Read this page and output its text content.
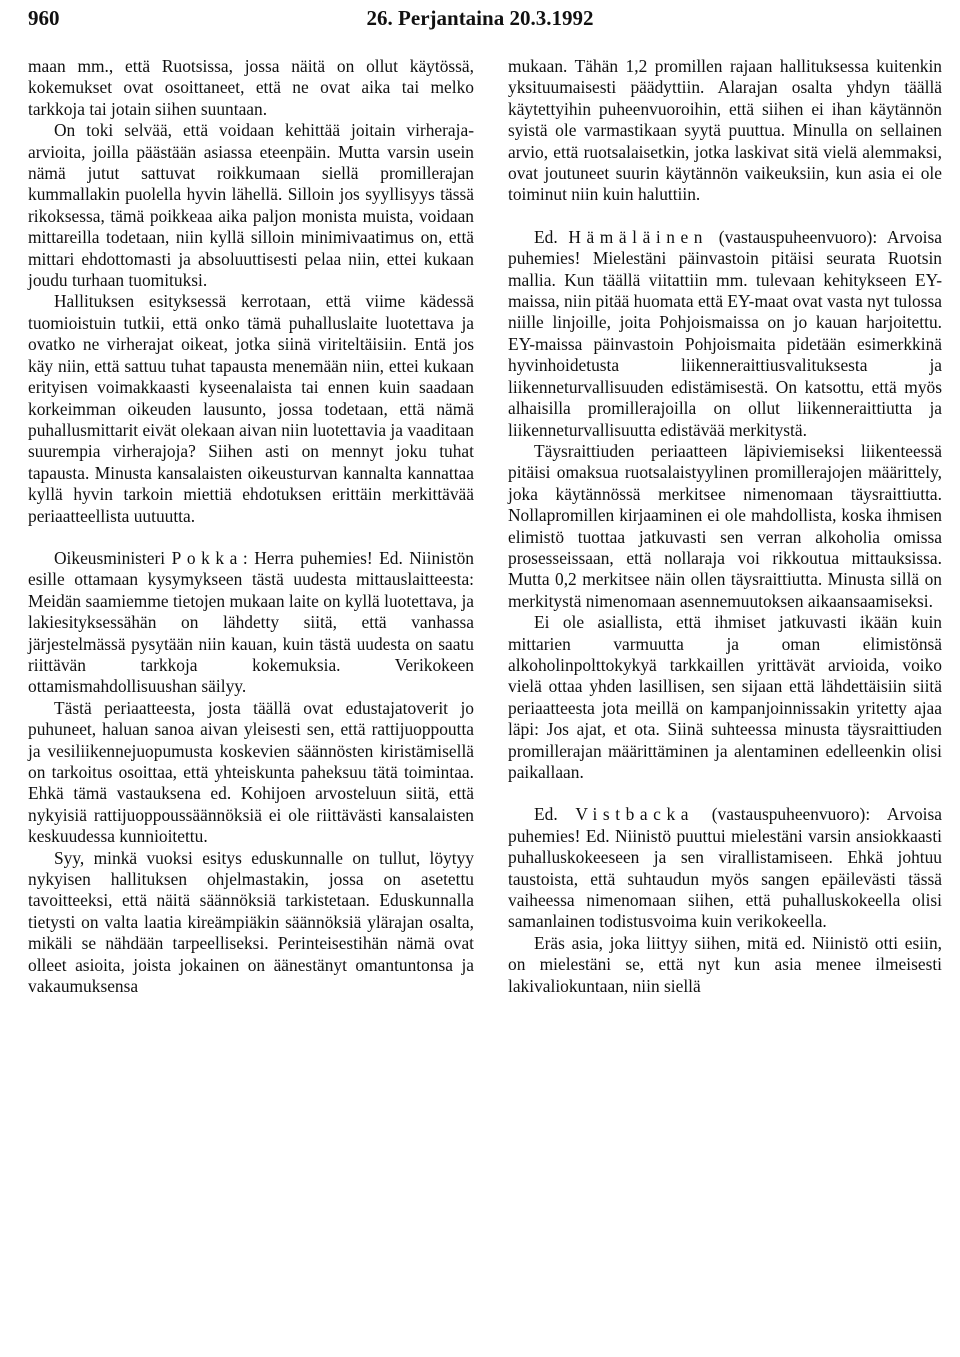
960	26. Perjantaina 20.3.1992

maan mm., että Ruotsissa, jossa näitä on ollut käytössä, kokemukset ovat osoittaneet, että ne ovat aika tai melko tarkkoja tai jotain siihen suuntaan.

On toki selvää, että voidaan kehittää joitain virheraja-arvioita, joilla päästään asiassa eteenpäin. Mutta varsin usein nämä jutut sattuvat roikkumaan siellä promillerajan kummallakin puolella hyvin lähellä. Silloin jos syyllisyys tässä rikoksessa, tämä poikkeaa aika paljon monista muista, voidaan mittareilla todetaan, niin kyllä silloin minimivaatimus on, että mittari ehdottomasti ja absoluuttisesti pelaa niin, ettei kukaan joudu turhaan tuomituksi.

Hallituksen esityksessä kerrotaan, että viime kädessä tuomioistuin tutkii, että onko tämä puhalluslaite luotettava ja ovatko ne virherajat oikeat, jotka siinä viriteltäisiin. Entä jos käy niin, että sattuu tuhat tapausta menemään niin, ettei kukaan erityisen voimakkaasti kyseenalaista tai ennen kuin saadaan korkeimman oikeuden lausunto, jossa todetaan, että nämä puhallusmittarit eivät olekaan aivan niin luotettavia ja vaaditaan suurempia virherajoja? Siihen asti on mennyt joku tuhat tapausta. Minusta kansalaisten oikeusturvan kannalta kannattaa kyllä hyvin tarkoin miettiä ehdotuksen erittäin merkittävää periaatteellista uutuutta.

Oikeusministeri Pokka: Herra puhemies! Ed. Niinistön esille ottamaan kysymykseen tästä uudesta mittauslaitteesta: Meidän saamiemme tietojen mukaan laite on kyllä luotettava, ja lakiesityksessähän on lähdetty siitä, että vanhassa järjestelmässä pysytään niin kauan, kuin tästä uudesta on saatu riittävän tarkkoja kokemuksia. Verikokeen ottamismahdollisuushan säilyy.

Tästä periaatteesta, josta täällä ovat edustajatoverit jo puhuneet, haluan sanoa aivan yleisesti sen, että rattijuoppoutta ja vesiliikennejuopumusta koskevien säännösten kiristämisellä on tarkoitus osoittaa, että yhteiskunta paheksuu tätä toimintaa. Ehkä tämä vastauksena ed. Kohijoen arvosteluun siitä, että nykyisiä rattijuoppoussäännöksiä ei ole riittävästi kansalaisten keskuudessa kunnioitettu.

Syy, minkä vuoksi esitys eduskunnalle on tullut, löytyy nykyisen hallituksen ohjelmastakin, jossa on asetettu tavoitteeksi, että näitä säännöksiä tarkistetaan. Eduskunnalla tietysti on valta laatia kireämpiäkin säännöksiä ylärajan osalta, mikäli se nähdään tarpeelliseksi. Perinteisestihän nämä ovat olleet asioita, joista jokainen on äänestänyt omantuntonsa ja vakaumuksensa

mukaan. Tähän 1,2 promillen rajaan hallituksessa kuitenkin yksituumaisesti päädyttiin. Alarajan osalta yhdyn täällä käytettyihin puheenvuoroihin, että siihen ei ihan käytännön syistä ole varmastikaan syytä puuttua. Minulla on sellainen arvio, että ruotsalaisetkin, jotka laskivat sitä vielä alemmaksi, ovat joutuneet suurin käytännön vaikeuksiin, kun asia ei ole toiminut niin kuin haluttiin.

Ed. Hämäläinen (vastauspuheenvuoro): Arvoisa puhemies! Mielestäni päinvastoin pitäisi seurata Ruotsin mallia. Kun täällä viitattiin mm. tulevaan kehitykseen EY-maissa, niin pitää huomata että EY-maat ovat vasta nyt tulossa niille linjoille, joita Pohjoismaissa on jo kauan harjoitettu. EY-maissa päinvastoin Pohjoismaita pidetään esimerkkinä hyvinhoidetusta liikenneraittiusvalituksesta ja liikenneturvallisuuden edistämisestä. On katsottu, että myös alhaisilla promillerajoilla on ollut liikenneraittiutta ja liikenneturvallisuutta edistävää merkitystä.

Täysraittiuden periaatteen läpiviemiseksi liikenteessä pitäisi omaksua ruotsalaistyylinen promillerajojen määrittely, joka käytännössä merkitsee nimenomaan täysraittiutta. Nollapromillen kirjaaminen ei ole mahdollista, koska ihmisen elimistö tuottaa jatkuvasti sen verran alkoholia omissa prosesseissaan, että nollaraja voi rikkoutua mittauksissa. Mutta 0,2 merkitsee näin ollen täysraittiutta. Minusta sillä on merkitystä nimenomaan asennemuutoksen aikaansaamiseksi.

Ei ole asiallista, että ihmiset jatkuvasti ikään kuin mittarien varmuutta ja oman elimistönsä alkoholinpolttokykyä tarkkaillen yrittävät arvioida, voiko vielä ottaa yhden lasillisen, sen sijaan että lähdettäisiin siitä periaatteesta jota meillä on kampanjoinnissakin yritetty ajaa läpi: Jos ajat, et ota. Siinä suhteessa minusta täysraittiuden promillerajan määrittäminen ja alentaminen edelleenkin olisi paikallaan.

Ed. Vistbacka (vastauspuheenvuoro): Arvoisa puhemies! Ed. Niinistö puuttui mielestäni varsin ansiokkaasti puhalluskokeeseen ja sen virallistamiseen. Ehkä johtuu taustoista, että suhtaudun myös sangen epäilevästi tässä vaiheessa nimenomaan siihen, että puhalluskokeella olisi samanlainen todistusvoima kuin verikokeella.

Eräs asia, joka liittyy siihen, mitä ed. Niinistö otti esiin, on mielestäni se, että nyt kun asia menee ilmeisesti lakivaliokuntaan, niin siellä
